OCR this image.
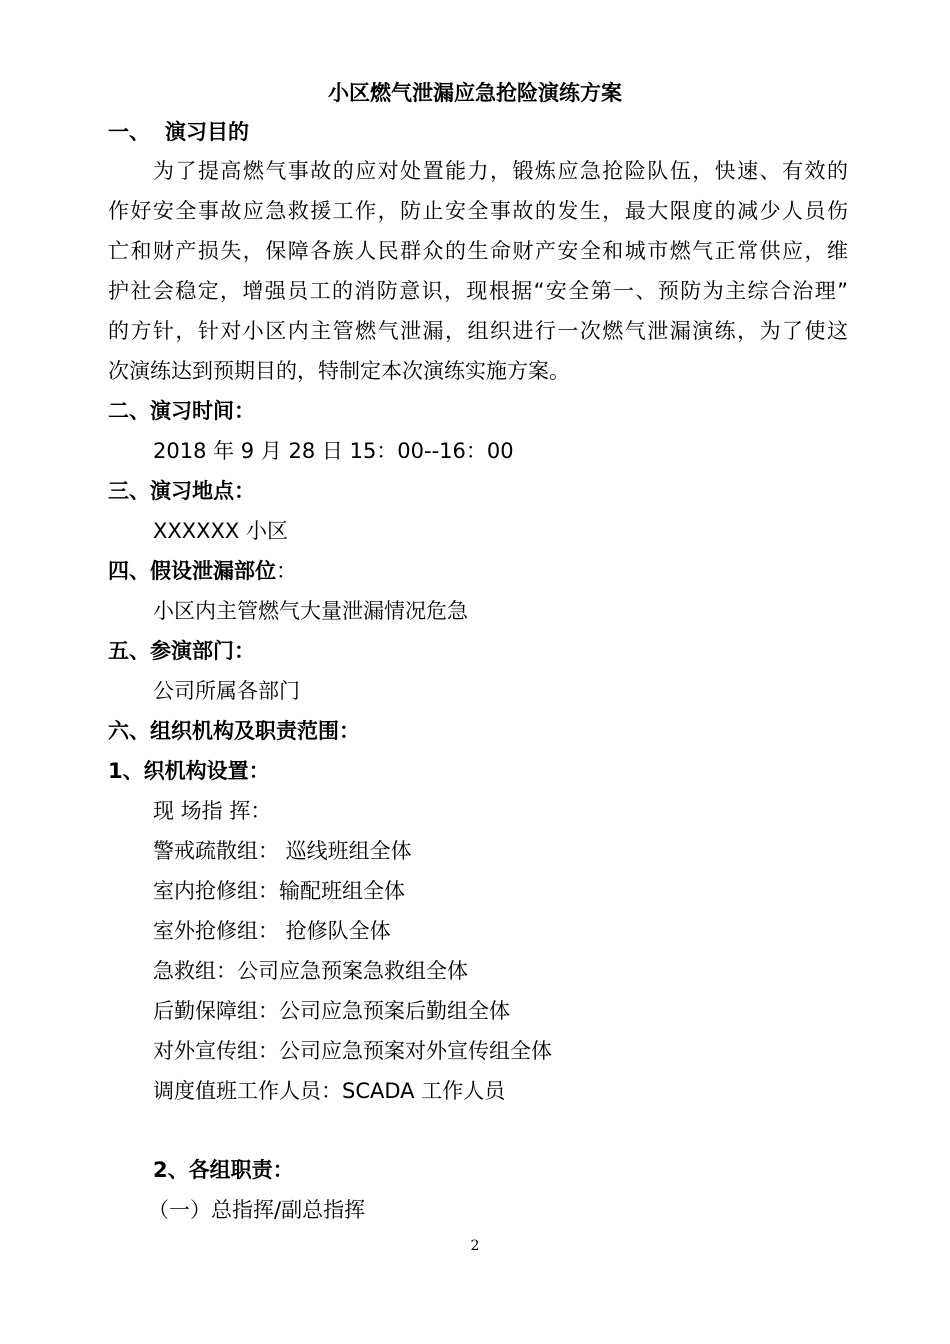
小区燃气泄漏应急抢险演练方案
一、 演习目的
为了提高燃气事故的应对处置能力，锻炼应急抢险队伍，快速、有效的
作好安全事故应急救援工作，防止安全事故的发生，最大限度的减少人员伤
亡和财产损失，保障各族人民群众的生命财产安全和城市燃气正常供应，维
护社会稳定，增强员工的消防意识，现根据“安全第一、预防为主综合治理”
的方针，针对小区内主管燃气泄漏，组织进行一次燃气泄漏演练，为了使这
次演练达到预期目的，特制定本次演练实施方案。
二、演习时间：
2018 年 9 月 28 日 15：00--16：00
三、演习地点：
XXXXXX 小区
四、假设泄漏部位：
小区内主管燃气大量泄漏情况危急
五、参演部门：
公司所属各部门
六、组织机构及职责范围：
1、织机构设置：
现 场指 挥：
警戒疏散组： 巡线班组全体
室内抢修组：输配班组全体
室外抢修组： 抢修队全体
急救组：公司应急预案急救组全体
后勤保障组：公司应急预案后勤组全体
对外宣传组：公司应急预案对外宣传组全体
调度值班工作人员：SCADA 工作人员
2、各组职责：
（一）总指挥/副总指挥
2
